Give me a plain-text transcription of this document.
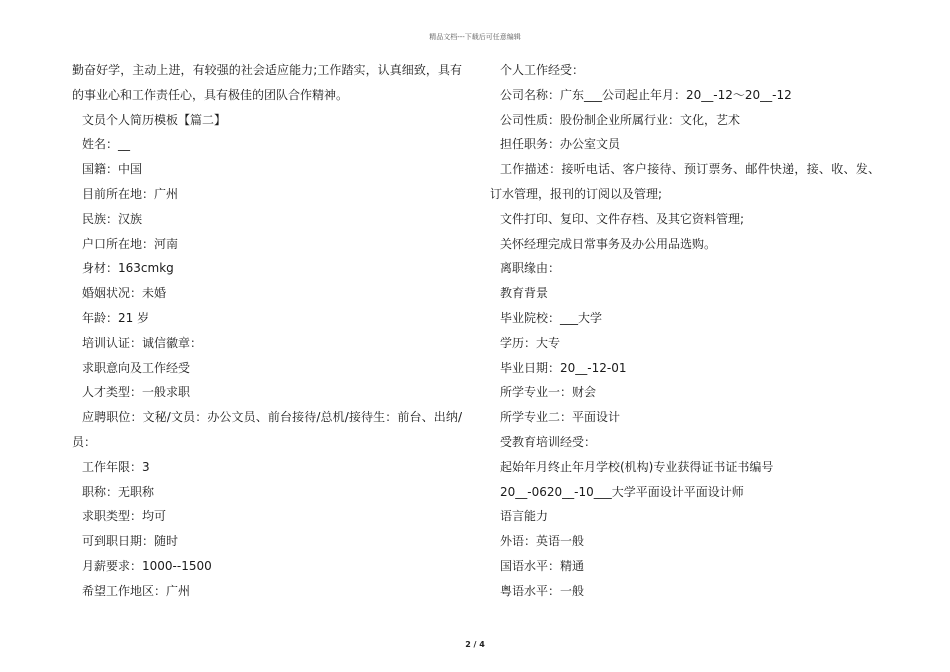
精品文档---下载后可任意编辑
勤奋好学，主动上进，有较强的社会适应能力;工作踏实，认真细致，具有
的事业心和工作责任心，具有极佳的团队合作精神。
文员个人简历模板【篇二】
姓名：__
国籍：中国
目前所在地：广州
民族：汉族
户口所在地：河南
身材：163cmkg
婚姻状况：未婚
年龄：21 岁
培训认证：诚信徽章：
求职意向及工作经受
人才类型：一般求职
应聘职位：文秘/文员：办公文员、前台接待/总机/接待生：前台、出纳/
员：
工作年限：3
职称：无职称
求职类型：均可
可到职日期：随时
月薪要求：1000--1500
希望工作地区：广州
个人工作经受：
公司名称：广东___公司起止年月：20__-12～20__-12
公司性质：股份制企业所属行业：文化，艺术
担任职务：办公室文员
工作描述：接听电话、客户接待、预订票务、邮件快递，接、收、发、
订水管理，报刊的订阅以及管理;
文件打印、复印、文件存档、及其它资料管理;
关怀经理完成日常事务及办公用品选购。
离职缘由：
教育背景
毕业院校：___大学
学历：大专
毕业日期：20__-12-01
所学专业一：财会
所学专业二：平面设计
受教育培训经受：
起始年月终止年月学校(机构)专业获得证书证书编号
20__-0620__-10___大学平面设计平面设计师
语言能力
外语：英语一般
国语水平：精通
粤语水平：一般
2 / 4
